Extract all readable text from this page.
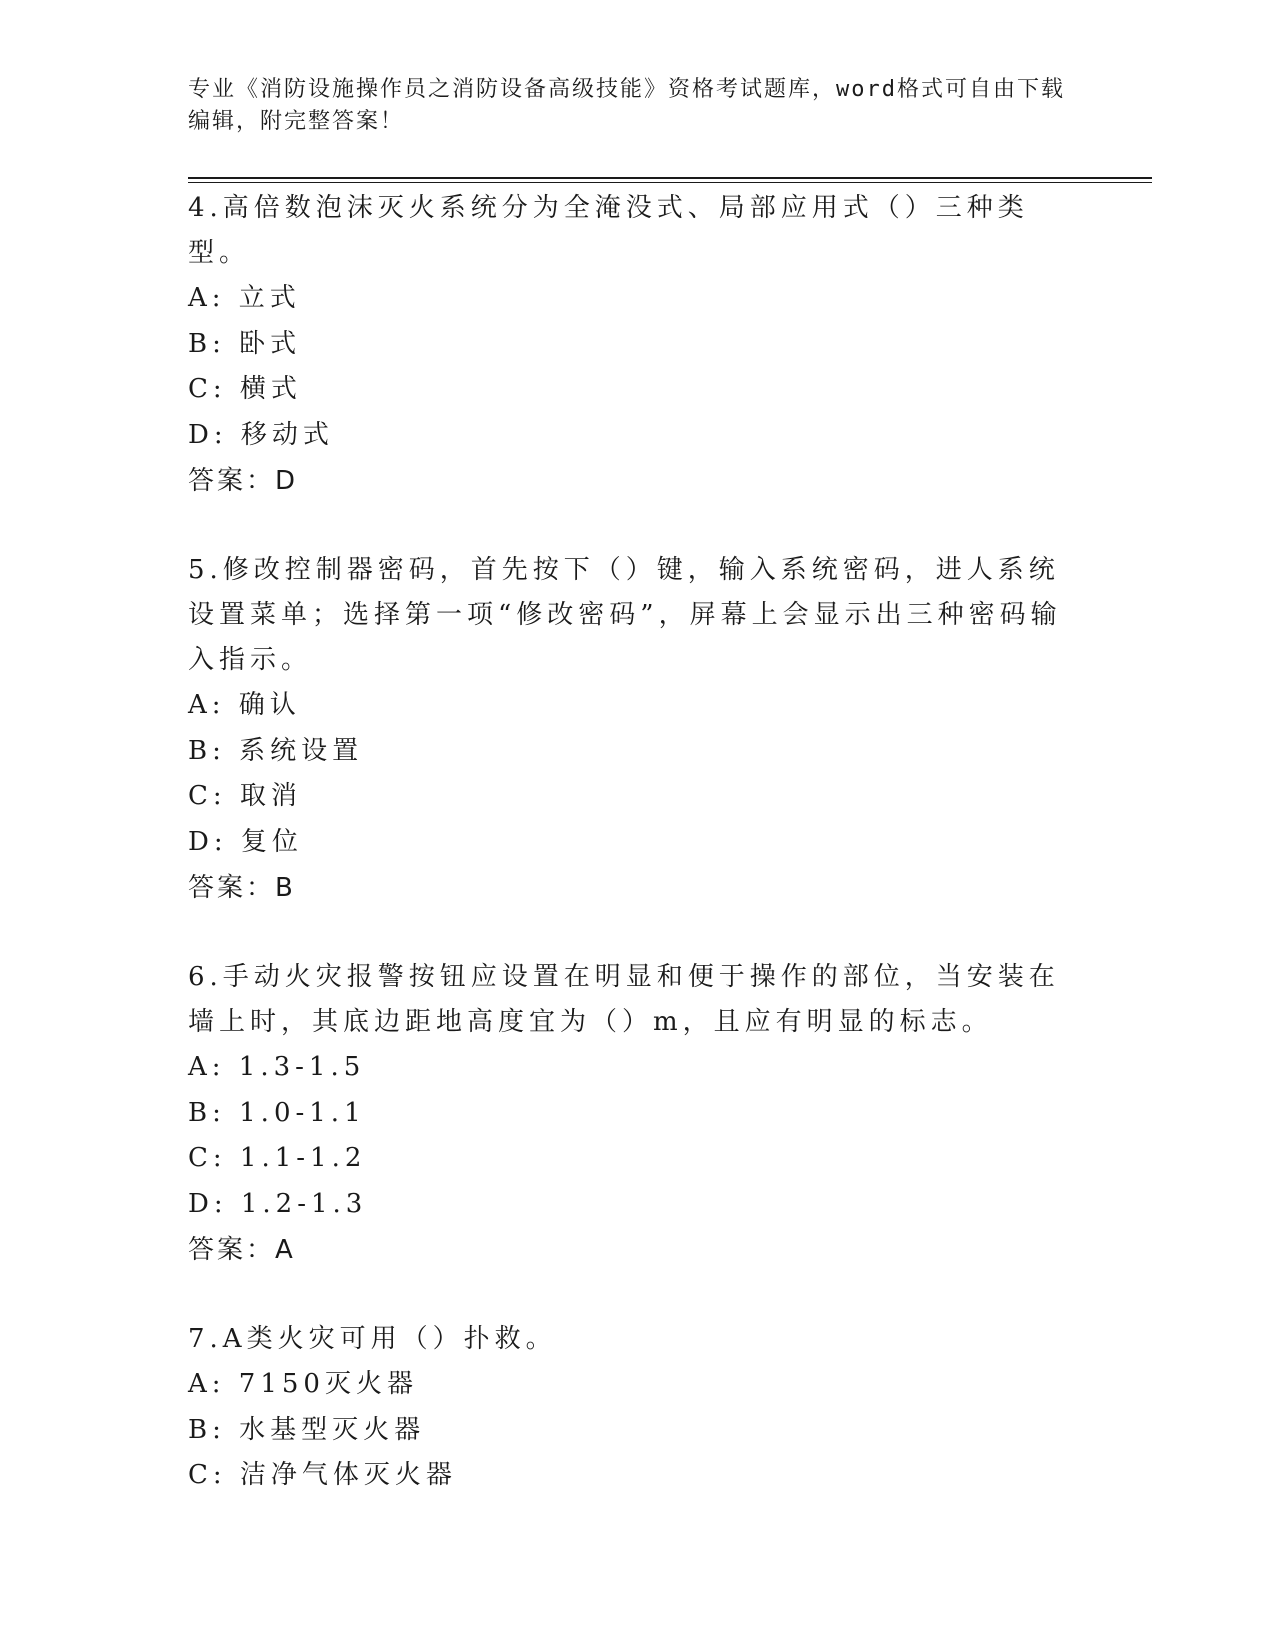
专业《消防设施操作员之消防设备高级技能》资格考试题库，word格式可自由下载编辑，附完整答案！

4.高倍数泡沫灭火系统分为全淹没式、局部应用式（）三种类型。

A: 立式

B: 卧式

C: 横式

D: 移动式

答案：D

5.修改控制器密码，首先按下（）键，输入系统密码，进人系统设置菜单；选择第一项“修改密码”，屏幕上会显示出三种密码输入指示。

A: 确认

B: 系统设置

C: 取消

D: 复位

答案：B

6.手动火灾报警按钮应设置在明显和便于操作的部位，当安装在墙上时，其底边距地高度宜为（）m，且应有明显的标志。

A: 1.3-1.5

B: 1.0-1.1

C: 1.1-1.2

D: 1.2-1.3

答案：A

7.A类火灾可用（）扑救。

A: 7150灭火器

B: 水基型灭火器

C: 洁净气体灭火器
